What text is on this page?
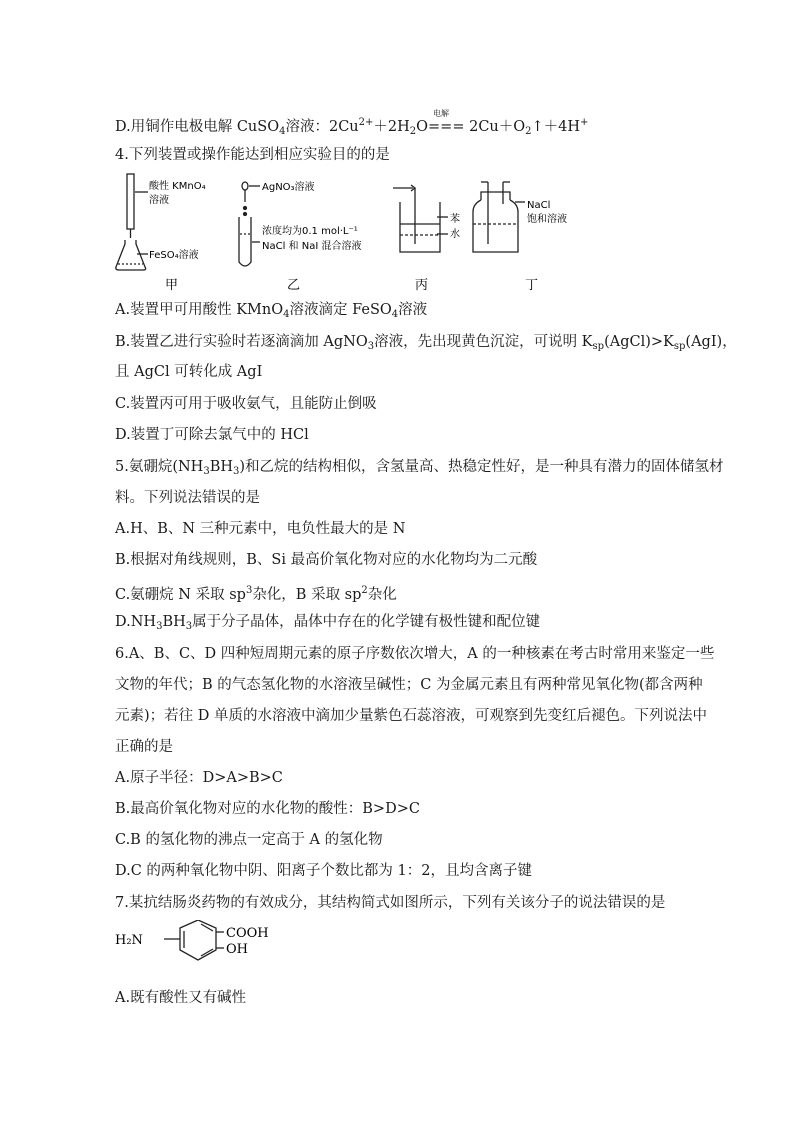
D.用铜作电极电解 CuSO$_4$溶液：$2Cu^{2+}+2H_2O$
电解
=== $2Cu+O_2↑+4H^+$
4.下列装置或操作能达到相应实验目的的是
酸性 KMnO₄
溶液
FeSO₄溶液
甲
AgNO₃溶液
浓度均为0.1 mol·L⁻¹
NaCl 和 NaI 混合溶液
乙
苯
水
丙
NaCl
饱和溶液
丁
A.装置甲可用酸性 KMnO$_4$溶液滴定 FeSO$_4$溶液
B.装置乙进行实验时若逐滴滴加 AgNO$_3$溶液，先出现黄色沉淀，可说明 $K_{sp}(AgCl)>K_{sp}(AgI)$，
且 AgCl 可转化成 AgI
C.装置丙可用于吸收氨气，且能防止倒吸
D.装置丁可除去氯气中的 HCl
5.氨硼烷$(NH_3BH_3)$和乙烷的结构相似，含氢量高、热稳定性好，是一种具有潜力的固体储氢材
料。下列说法错误的是
A.H、B、N 三种元素中，电负性最大的是 N
B.根据对角线规则，B、Si 最高价氧化物对应的水化物均为二元酸
C.氨硼烷 N 采取 $sp^3$杂化，B 采取 $sp^2$杂化
$D.NH_3BH_3$属于分子晶体，晶体中存在的化学键有极性键和配位键
6.A、B、C、D 四种短周期元素的原子序数依次增大，A 的一种核素在考古时常用来鉴定一些
文物的年代；B 的气态氢化物的水溶液呈碱性；C 为金属元素且有两种常见氧化物(都含两种
元素)；若往 D 单质的水溶液中滴加少量紫色石蕊溶液，可观察到先变红后褪色。下列说法中
正确的是
A.原子半径：D>A>B>C
B.最高价氧化物对应的水化物的酸性：B>D>C
C.B 的氢化物的沸点一定高于 A 的氢化物
D.C 的两种氧化物中阴、阳离子个数比都为 1：2，且均含离子键
7.某抗结肠炎药物的有效成分，其结构简式如图所示，下列有关该分子的说法错误的是
H₂N	COOH
OH
A.既有酸性又有碱性
